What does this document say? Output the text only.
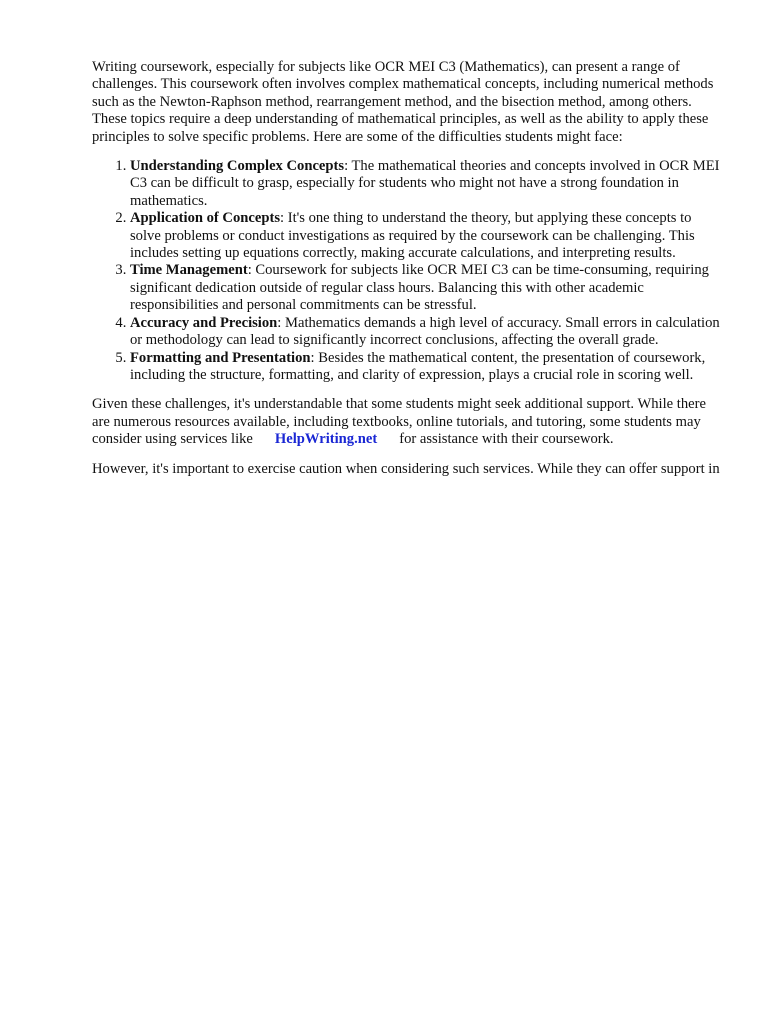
Writing coursework, especially for subjects like OCR MEI C3 (Mathematics), can present a range of challenges. This coursework often involves complex mathematical concepts, including numerical methods such as the Newton-Raphson method, rearrangement method, and the bisection method, among others. These topics require a deep understanding of mathematical principles, as well as the ability to apply these principles to solve specific problems. Here are some of the difficulties students might face:

1. Understanding Complex Concepts: The mathematical theories and concepts involved in OCR MEI C3 can be difficult to grasp, especially for students who might not have a strong foundation in mathematics.
2. Application of Concepts: It's one thing to understand the theory, but applying these concepts to solve problems or conduct investigations as required by the coursework can be challenging. This includes setting up equations correctly, making accurate calculations, and interpreting results.
3. Time Management: Coursework for subjects like OCR MEI C3 can be time-consuming, requiring significant dedication outside of regular class hours. Balancing this with other academic responsibilities and personal commitments can be stressful.
4. Accuracy and Precision: Mathematics demands a high level of accuracy. Small errors in calculation or methodology can lead to significantly incorrect conclusions, affecting the overall grade.
5. Formatting and Presentation: Besides the mathematical content, the presentation of coursework, including the structure, formatting, and clarity of expression, plays a crucial role in scoring well.

Given these challenges, it's understandable that some students might seek additional support. While there are numerous resources available, including textbooks, online tutorials, and tutoring, some students may consider using services like HelpWriting.net for assistance with their coursework.

However, it's important to exercise caution when considering such services. While they can offer support in
